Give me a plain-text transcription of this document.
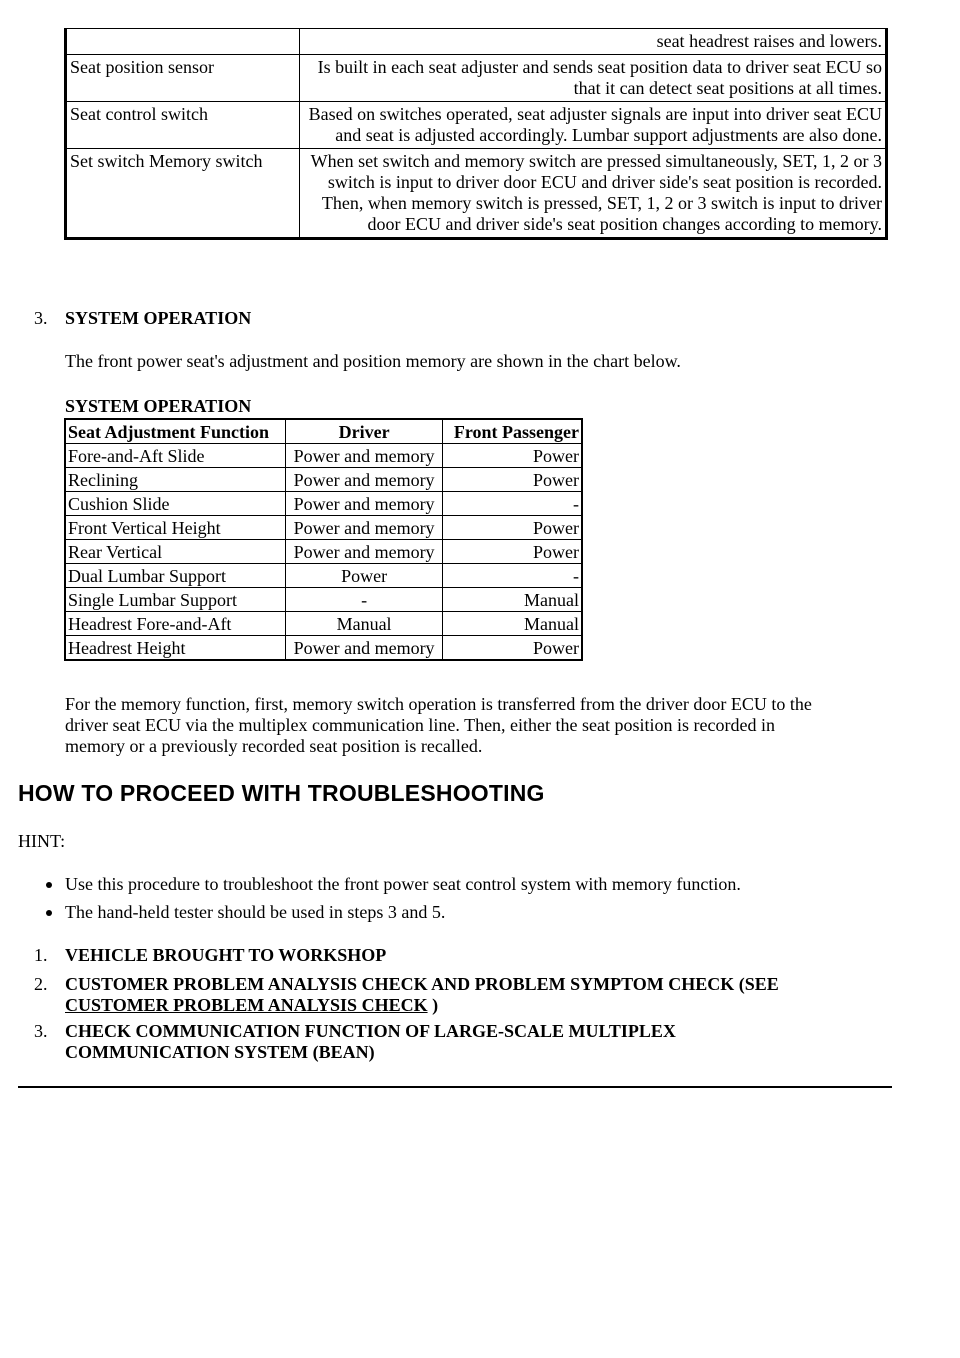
	seat headrest raises and lowers.
Seat position sensor	Is built in each seat adjuster and sends seat position data to driver seat ECU so that it can detect seat positions at all times.
Seat control switch	Based on switches operated, seat adjuster signals are input into driver seat ECU and seat is adjusted accordingly. Lumbar support adjustments are also done.
Set switch Memory switch	When set switch and memory switch are pressed simultaneously, SET, 1, 2 or 3 switch is input to driver door ECU and driver side's seat position is recorded. Then, when memory switch is pressed, SET, 1, 2 or 3 switch is input to driver door ECU and driver side's seat position changes according to memory.
3. SYSTEM OPERATION
The front power seat's adjustment and position memory are shown in the chart below.
SYSTEM OPERATION
Seat Adjustment Function	Driver	Front Passenger
Fore-and-Aft Slide	Power and memory	Power
Reclining	Power and memory	Power
Cushion Slide	Power and memory	-
Front Vertical Height	Power and memory	Power
Rear Vertical	Power and memory	Power
Dual Lumbar Support	Power	-
Single Lumbar Support	-	Manual
Headrest Fore-and-Aft	Manual	Manual
Headrest Height	Power and memory	Power
For the memory function, first, memory switch operation is transferred from the driver door ECU to the
driver seat ECU via the multiplex communication line. Then, either the seat position is recorded in
memory or a previously recorded seat position is recalled.
HOW TO PROCEED WITH TROUBLESHOOTING
HINT:
Use this procedure to troubleshoot the front power seat control system with memory function.
The hand-held tester should be used in steps 3 and 5.
1. VEHICLE BROUGHT TO WORKSHOP
2. CUSTOMER PROBLEM ANALYSIS CHECK AND PROBLEM SYMPTOM CHECK (SEE
CUSTOMER PROBLEM ANALYSIS CHECK )
3. CHECK COMMUNICATION FUNCTION OF LARGE-SCALE MULTIPLEX
COMMUNICATION SYSTEM (BEAN)
